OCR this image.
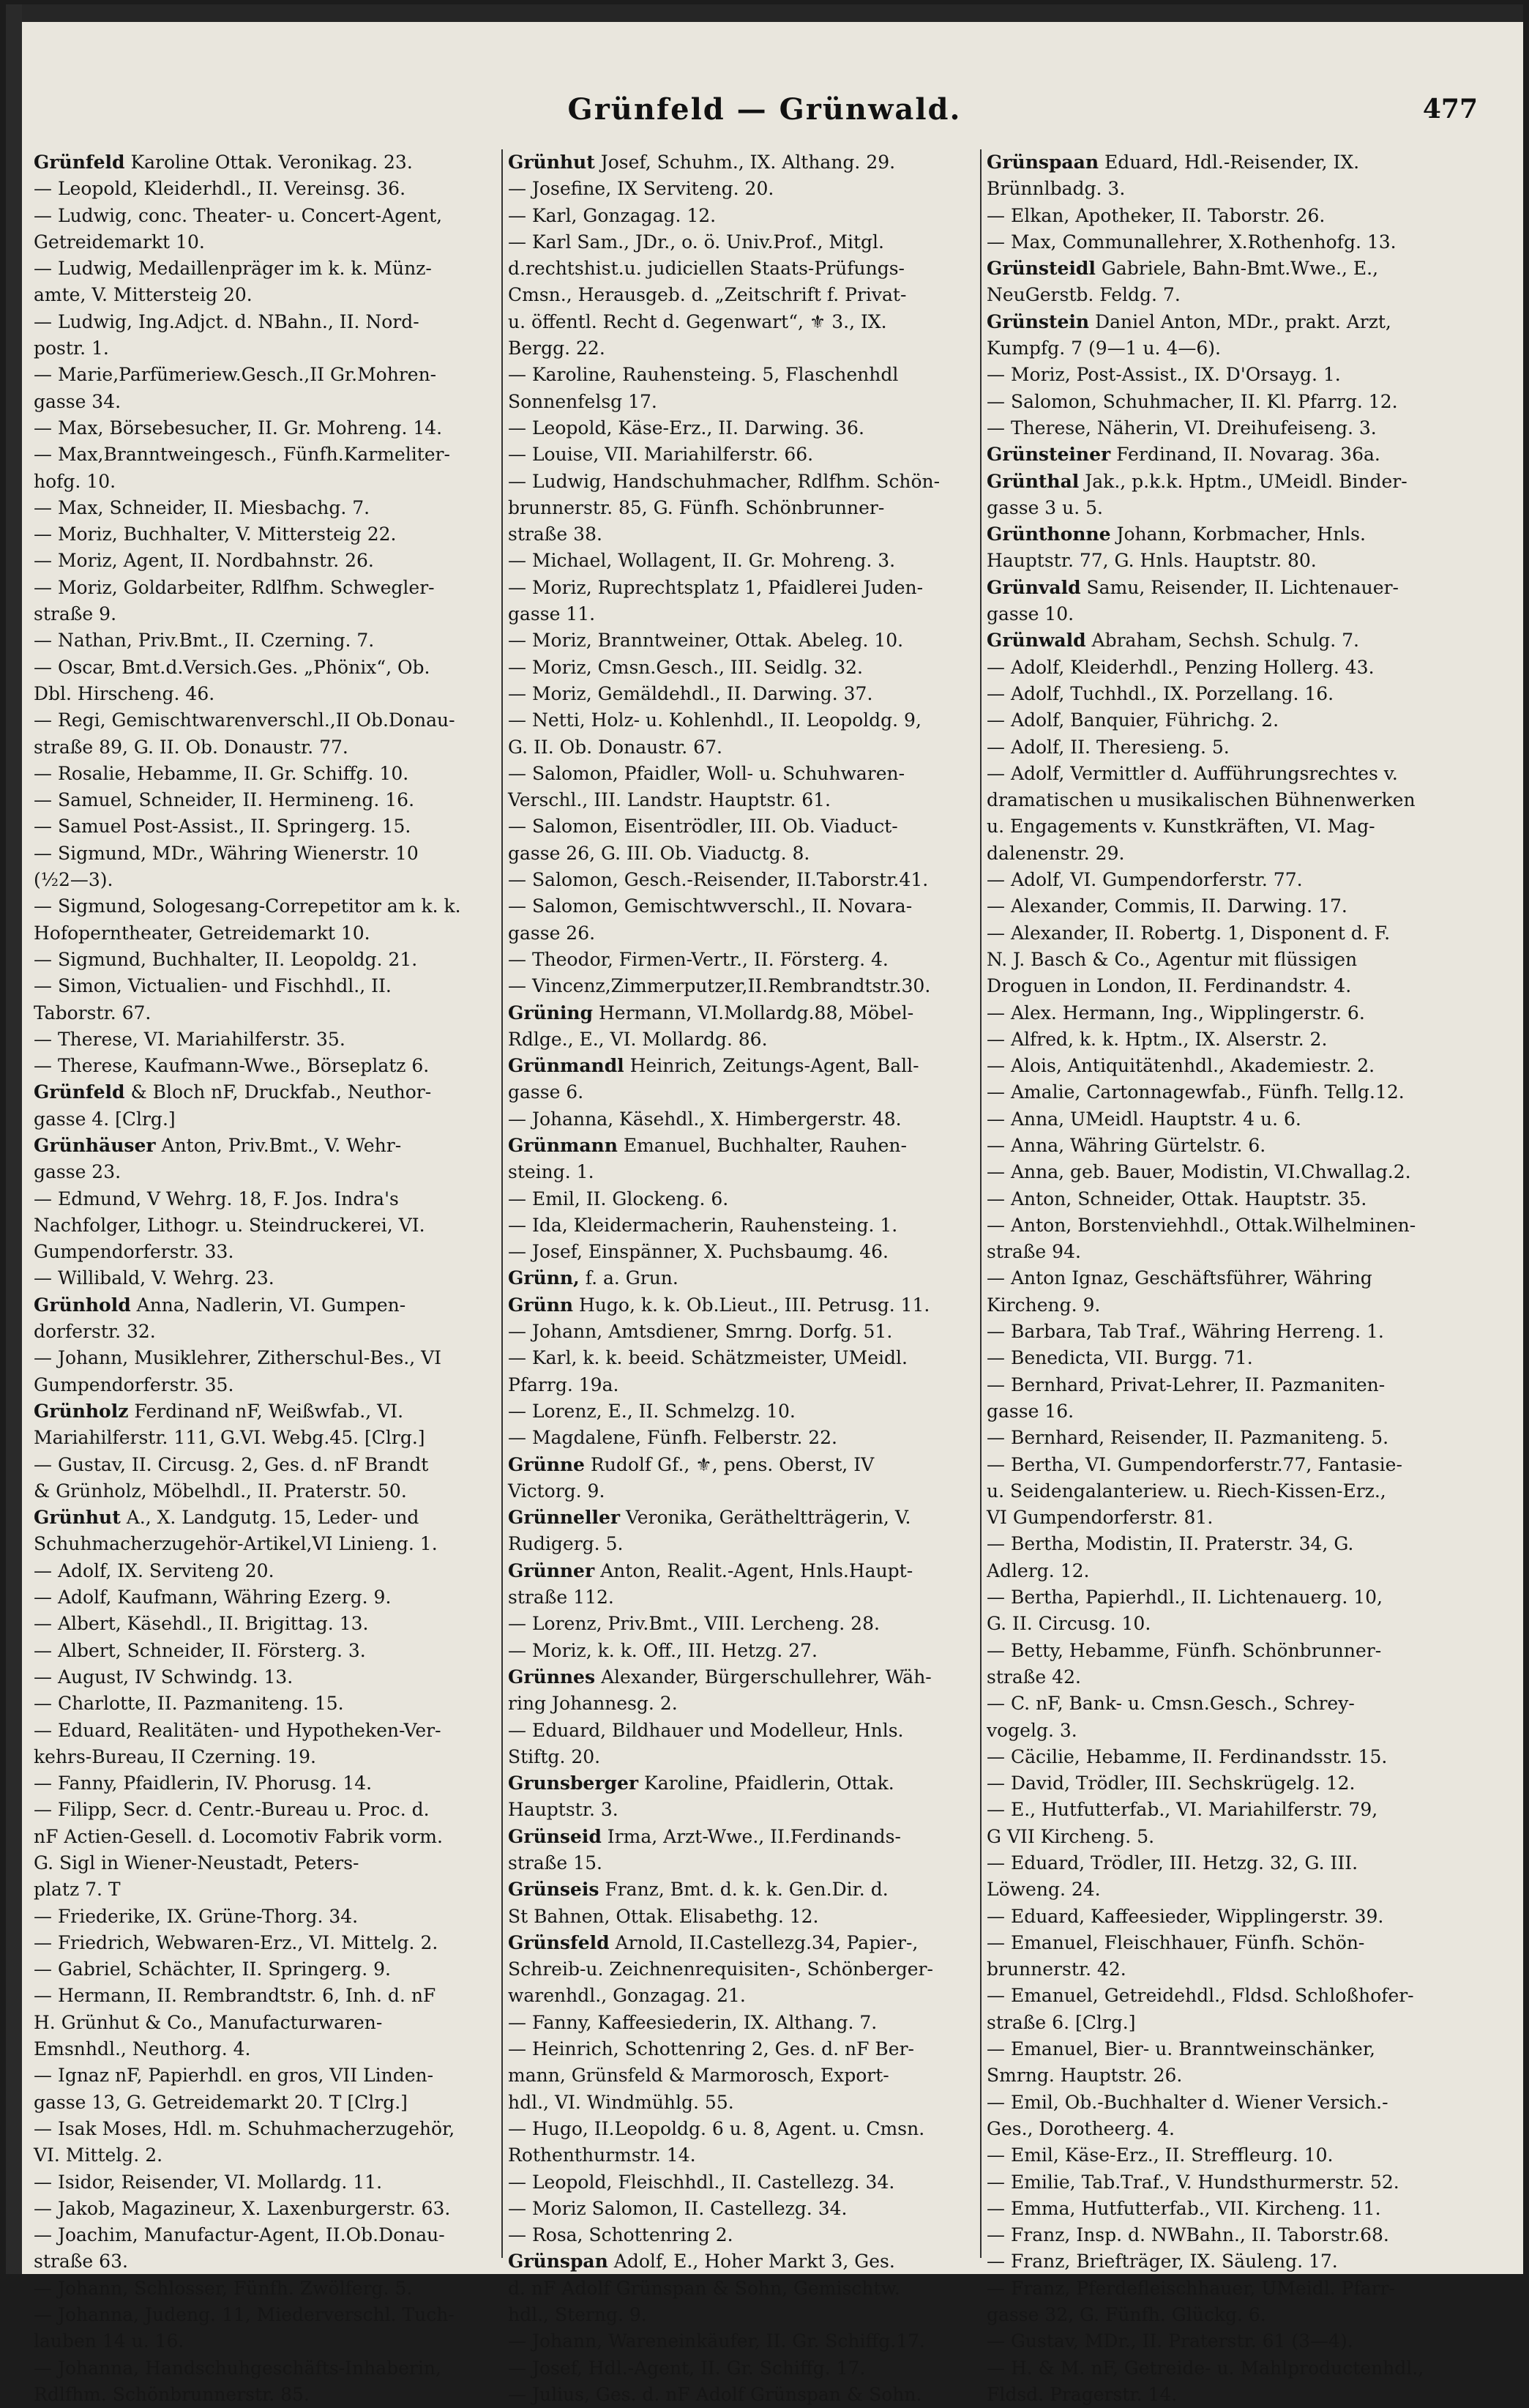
Grünfeld — Grünwald.	477
Grünfeld Karoline Ottak. Veronikag. 23.
— Leopold, Kleiderhdl., II. Vereinsg. 36.
— Ludwig, conc. Theater- u. Concert-Agent,
Getreidemarkt 10.
— Ludwig, Medaillenpräger im k. k. Münz-
amte, V. Mittersteig 20.
— Ludwig, Ing.Adjct. d. NBahn., II. Nord-
postr. 1.
— Marie,Parfümeriew.Gesch.,II Gr.Mohren-
gasse 34.
— Max, Börsebesucher, II. Gr. Mohreng. 14.
— Max,Branntweingesch., Fünfh.Karmeliter-
hofg. 10.
— Max, Schneider, II. Miesbachg. 7.
— Moriz, Buchhalter, V. Mittersteig 22.
— Moriz, Agent, II. Nordbahnstr. 26.
— Moriz, Goldarbeiter, Rdlfhm. Schwegler-
straße 9.
— Nathan, Priv.Bmt., II. Czerning. 7.
— Oscar, Bmt.d.Versich.Ges. „Phönix“, Ob.
Dbl. Hirscheng. 46.
— Regi, Gemischtwarenverschl.,II Ob.Donau-
straße 89, G. II. Ob. Donaustr. 77.
— Rosalie, Hebamme, II. Gr. Schiffg. 10.
— Samuel, Schneider, II. Hermineng. 16.
— Samuel Post-Assist., II. Springerg. 15.
— Sigmund, MDr., Währing Wienerstr. 10
(½2—3).
— Sigmund, Sologesang-Correpetitor am k. k.
Hofoperntheater, Getreidemarkt 10.
— Sigmund, Buchhalter, II. Leopoldg. 21.
— Simon, Victualien- und Fischhdl., II.
Taborstr. 67.
— Therese, VI. Mariahilferstr. 35.
— Therese, Kaufmann-Wwe., Börseplatz 6.
Grünfeld & Bloch nF, Druckfab., Neuthor-
gasse 4. [Clrg.]
Grünhäuser Anton, Priv.Bmt., V. Wehr-
gasse 23.
— Edmund, V Wehrg. 18, F. Jos. Indra's
Nachfolger, Lithogr. u. Steindruckerei, VI.
Gumpendorferstr. 33.
— Willibald, V. Wehrg. 23.
Grünhold Anna, Nadlerin, VI. Gumpen-
dorferstr. 32.
— Johann, Musiklehrer, Zitherschul-Bes., VI
Gumpendorferstr. 35.
Grünholz Ferdinand nF, Weißwfab., VI.
Mariahilferstr. 111, G.VI. Webg.45. [Clrg.]
— Gustav, II. Circusg. 2, Ges. d. nF Brandt
& Grünholz, Möbelhdl., II. Praterstr. 50.
Grünhut A., X. Landgutg. 15, Leder- und
Schuhmacherzugehör-Artikel,VI Linieng. 1.
— Adolf, IX. Serviteng 20.
— Adolf, Kaufmann, Währing Ezerg. 9.
— Albert, Käsehdl., II. Brigittag. 13.
— Albert, Schneider, II. Försterg. 3.
— August, IV Schwindg. 13.
— Charlotte, II. Pazmaniteng. 15.
— Eduard, Realitäten- und Hypotheken-Ver-
kehrs-Bureau, II Czerning. 19.
— Fanny, Pfaidlerin, IV. Phorusg. 14.
— Filipp, Secr. d. Centr.-Bureau u. Proc. d.
nF Actien-Gesell. d. Locomotiv Fabrik vorm.
G. Sigl in Wiener-Neustadt, Peters-
platz 7. T
— Friederike, IX. Grüne-Thorg. 34.
— Friedrich, Webwaren-Erz., VI. Mittelg. 2.
— Gabriel, Schächter, II. Springerg. 9.
— Hermann, II. Rembrandtstr. 6, Inh. d. nF
H. Grünhut & Co., Manufacturwaren-
Emsnhdl., Neuthorg. 4.
— Ignaz nF, Papierhdl. en gros, VII Linden-
gasse 13, G. Getreidemarkt 20. T [Clrg.]
— Isak Moses, Hdl. m. Schuhmacherzugehör,
VI. Mittelg. 2.
— Isidor, Reisender, VI. Mollardg. 11.
— Jakob, Magazineur, X. Laxenburgerstr. 63.
— Joachim, Manufactur-Agent, II.Ob.Donau-
straße 63.
— Johann, Schlosser, Fünfh. Zwölferg. 5.
— Johanna, Judeng. 11, Miederverschl. Tuch-
lauben 14 u. 16.
— Johanna, Handschuhgeschäfts-Inhaberin,
Rdlfhm. Schönbrunnerstr. 85.
Grünhut Josef, Schuhm., IX. Althang. 29.
— Josefine, IX Serviteng. 20.
— Karl, Gonzagag. 12.
— Karl Sam., JDr., o. ö. Univ.Prof., Mitgl.
d.rechtshist.u. judiciellen Staats-Prüfungs-
Cmsn., Herausgeb. d. „Zeitschrift f. Privat-
u. öffentl. Recht d. Gegenwart“, ⚜ 3., IX.
Bergg. 22.
— Karoline, Rauhensteing. 5, Flaschenhdl
Sonnenfelsg 17.
— Leopold, Käse-Erz., II. Darwing. 36.
— Louise, VII. Mariahilferstr. 66.
— Ludwig, Handschuhmacher, Rdlfhm. Schön-
brunnerstr. 85, G. Fünfh. Schönbrunner-
straße 38.
— Michael, Wollagent, II. Gr. Mohreng. 3.
— Moriz, Ruprechtsplatz 1, Pfaidlerei Juden-
gasse 11.
— Moriz, Branntweiner, Ottak. Abeleg. 10.
— Moriz, Cmsn.Gesch., III. Seidlg. 32.
— Moriz, Gemäldehdl., II. Darwing. 37.
— Netti, Holz- u. Kohlenhdl., II. Leopoldg. 9,
G. II. Ob. Donaustr. 67.
— Salomon, Pfaidler, Woll- u. Schuhwaren-
Verschl., III. Landstr. Hauptstr. 61.
— Salomon, Eisentrödler, III. Ob. Viaduct-
gasse 26, G. III. Ob. Viaductg. 8.
— Salomon, Gesch.-Reisender, II.Taborstr.41.
— Salomon, Gemischtwverschl., II. Novara-
gasse 26.
— Theodor, Firmen-Vertr., II. Försterg. 4.
— Vincenz,Zimmerputzer,II.Rembrandtstr.30.
Grüning Hermann, VI.Mollardg.88, Möbel-
Rdlge., E., VI. Mollardg. 86.
Grünmandl Heinrich, Zeitungs-Agent, Ball-
gasse 6.
— Johanna, Käsehdl., X. Himbergerstr. 48.
Grünmann Emanuel, Buchhalter, Rauhen-
steing. 1.
— Emil, II. Glockeng. 6.
— Ida, Kleidermacherin, Rauhensteing. 1.
— Josef, Einspänner, X. Puchsbaumg. 46.
Grünn, f. a. Grun.
Grünn Hugo, k. k. Ob.Lieut., III. Petrusg. 11.
— Johann, Amtsdiener, Smrng. Dorfg. 51.
— Karl, k. k. beeid. Schätzmeister, UMeidl.
Pfarrg. 19a.
— Lorenz, E., II. Schmelzg. 10.
— Magdalene, Fünfh. Felberstr. 22.
Grünne Rudolf Gf., ⚜, pens. Oberst, IV
Victorg. 9.
Grünneller Veronika, Gerätheltträgerin, V.
Rudigerg. 5.
Grünner Anton, Realit.-Agent, Hnls.Haupt-
straße 112.
— Lorenz, Priv.Bmt., VIII. Lercheng. 28.
— Moriz, k. k. Off., III. Hetzg. 27.
Grünnes Alexander, Bürgerschullehrer, Wäh-
ring Johannesg. 2.
— Eduard, Bildhauer und Modelleur, Hnls.
Stiftg. 20.
Grunsberger Karoline, Pfaidlerin, Ottak.
Hauptstr. 3.
Grünseid Irma, Arzt-Wwe., II.Ferdinands-
straße 15.
Grünseis Franz, Bmt. d. k. k. Gen.Dir. d.
St Bahnen, Ottak. Elisabethg. 12.
Grünsfeld Arnold, II.Castellezg.34, Papier-,
Schreib-u. Zeichnenrequisiten-, Schönberger-
warenhdl., Gonzagag. 21.
— Fanny, Kaffeesiederin, IX. Althang. 7.
— Heinrich, Schottenring 2, Ges. d. nF Ber-
mann, Grünsfeld & Marmorosch, Export-
hdl., VI. Windmühlg. 55.
— Hugo, II.Leopoldg. 6 u. 8, Agent. u. Cmsn.
Rothenthurmstr. 14.
— Leopold, Fleischhdl., II. Castellezg. 34.
— Moriz Salomon, II. Castellezg. 34.
— Rosa, Schottenring 2.
Grünspan Adolf, E., Hoher Markt 3, Ges.
d. nF Adolf Grünspan & Sohn, Gemischtw.
hdl., Sterng. 9.
— Johann, Wareneinkäufer, II. Gr. Schiffg.17.
— Josef, Hdl.-Agent, II. Gr. Schiffg. 17.
— Julius, Ges. d. nF Adolf Grünspan & Sohn.
Grünspaan Eduard, Hdl.-Reisender, IX.
Brünnlbadg. 3.
— Elkan, Apotheker, II. Taborstr. 26.
— Max, Communallehrer, X.Rothenhofg. 13.
Grünsteidl Gabriele, Bahn-Bmt.Wwe., E.,
NeuGerstb. Feldg. 7.
Grünstein Daniel Anton, MDr., prakt. Arzt,
Kumpfg. 7 (9—1 u. 4—6).
— Moriz, Post-Assist., IX. D'Orsayg. 1.
— Salomon, Schuhmacher, II. Kl. Pfarrg. 12.
— Therese, Näherin, VI. Dreihufeiseng. 3.
Grünsteiner Ferdinand, II. Novarag. 36a.
Grünthal Jak., p.k.k. Hptm., UMeidl. Binder-
gasse 3 u. 5.
Grünthonne Johann, Korbmacher, Hnls.
Hauptstr. 77, G. Hnls. Hauptstr. 80.
Grünvald Samu, Reisender, II. Lichtenauer-
gasse 10.
Grünwald Abraham, Sechsh. Schulg. 7.
— Adolf, Kleiderhdl., Penzing Hollerg. 43.
— Adolf, Tuchhdl., IX. Porzellang. 16.
— Adolf, Banquier, Führichg. 2.
— Adolf, II. Theresieng. 5.
— Adolf, Vermittler d. Aufführungsrechtes v.
dramatischen u musikalischen Bühnenwerken
u. Engagements v. Kunstkräften, VI. Mag-
dalenenstr. 29.
— Adolf, VI. Gumpendorferstr. 77.
— Alexander, Commis, II. Darwing. 17.
— Alexander, II. Robertg. 1, Disponent d. F.
N. J. Basch & Co., Agentur mit flüssigen
Droguen in London, II. Ferdinandstr. 4.
— Alex. Hermann, Ing., Wipplingerstr. 6.
— Alfred, k. k. Hptm., IX. Alserstr. 2.
— Alois, Antiquitätenhdl., Akademiestr. 2.
— Amalie, Cartonnagewfab., Fünfh. Tellg.12.
— Anna, UMeidl. Hauptstr. 4 u. 6.
— Anna, Währing Gürtelstr. 6.
— Anna, geb. Bauer, Modistin, VI.Chwallag.2.
— Anton, Schneider, Ottak. Hauptstr. 35.
— Anton, Borstenviehhdl., Ottak.Wilhelminen-
straße 94.
— Anton Ignaz, Geschäftsführer, Währing
Kircheng. 9.
— Barbara, Tab Traf., Währing Herreng. 1.
— Benedicta, VII. Burgg. 71.
— Bernhard, Privat-Lehrer, II. Pazmaniten-
gasse 16.
— Bernhard, Reisender, II. Pazmaniteng. 5.
— Bertha, VI. Gumpendorferstr.77, Fantasie-
u. Seidengalanteriew. u. Riech-Kissen-Erz.,
VI Gumpendorferstr. 81.
— Bertha, Modistin, II. Praterstr. 34, G.
Adlerg. 12.
— Bertha, Papierhdl., II. Lichtenauerg. 10,
G. II. Circusg. 10.
— Betty, Hebamme, Fünfh. Schönbrunner-
straße 42.
— C. nF, Bank- u. Cmsn.Gesch., Schrey-
vogelg. 3.
— Cäcilie, Hebamme, II. Ferdinandsstr. 15.
— David, Trödler, III. Sechskrügelg. 12.
— E., Hutfutterfab., VI. Mariahilferstr. 79,
G VII Kircheng. 5.
— Eduard, Trödler, III. Hetzg. 32, G. III.
Löweng. 24.
— Eduard, Kaffeesieder, Wipplingerstr. 39.
— Emanuel, Fleischhauer, Fünfh. Schön-
brunnerstr. 42.
— Emanuel, Getreidehdl., Fldsd. Schloßhofer-
straße 6. [Clrg.]
— Emanuel, Bier- u. Branntweinschänker,
Smrng. Hauptstr. 26.
— Emil, Ob.-Buchhalter d. Wiener Versich.-
Ges., Dorotheerg. 4.
— Emil, Käse-Erz., II. Streffleurg. 10.
— Emilie, Tab.Traf., V. Hundsthurmerstr. 52.
— Emma, Hutfutterfab., VII. Kircheng. 11.
— Franz, Insp. d. NWBahn., II. Taborstr.68.
— Franz, Briefträger, IX. Säuleng. 17.
— Franz, Pferdefleischhauer, UMeidl. Pfarr-
gasse 32, G. Fünfh. Glückg. 6.
— Gustav, MDr., II. Praterstr. 61 (3—4).
— H. & M. nF, Getreide- u. Mahlproductenhdl.,
Fldsd. Pragerstr. 14.
